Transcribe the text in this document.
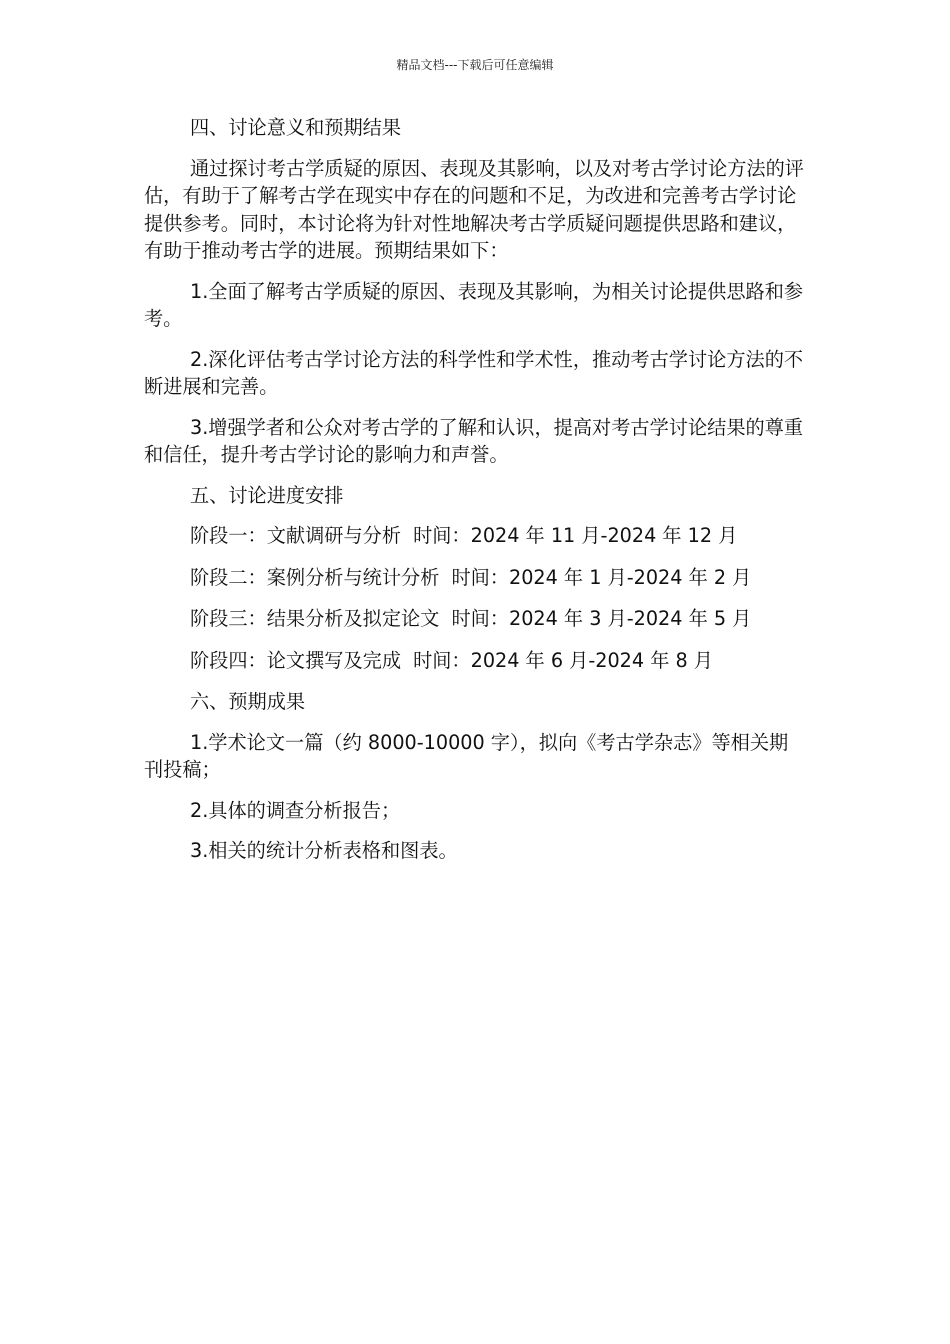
精品文档---下载后可任意编辑

四、讨论意义和预期结果

通过探讨考古学质疑的原因、表现及其影响，以及对考古学讨论方法的评估，有助于了解考古学在现实中存在的问题和不足，为改进和完善考古学讨论提供参考。同时，本讨论将为针对性地解决考古学质疑问题提供思路和建议，有助于推动考古学的进展。预期结果如下：

1.全面了解考古学质疑的原因、表现及其影响，为相关讨论提供思路和参考。

2.深化评估考古学讨论方法的科学性和学术性，推动考古学讨论方法的不断进展和完善。

3.增强学者和公众对考古学的了解和认识，提高对考古学讨论结果的尊重和信任，提升考古学讨论的影响力和声誉。

五、讨论进度安排

阶段一：文献调研与分析 时间：2024 年 11 月-2024 年 12 月

阶段二：案例分析与统计分析 时间：2024 年 1 月-2024 年 2 月

阶段三：结果分析及拟定论文 时间：2024 年 3 月-2024 年 5 月

阶段四：论文撰写及完成 时间：2024 年 6 月-2024 年 8 月

六、预期成果

1.学术论文一篇（约 8000-10000 字），拟向《考古学杂志》等相关期刊投稿；

2.具体的调查分析报告；

3.相关的统计分析表格和图表。
